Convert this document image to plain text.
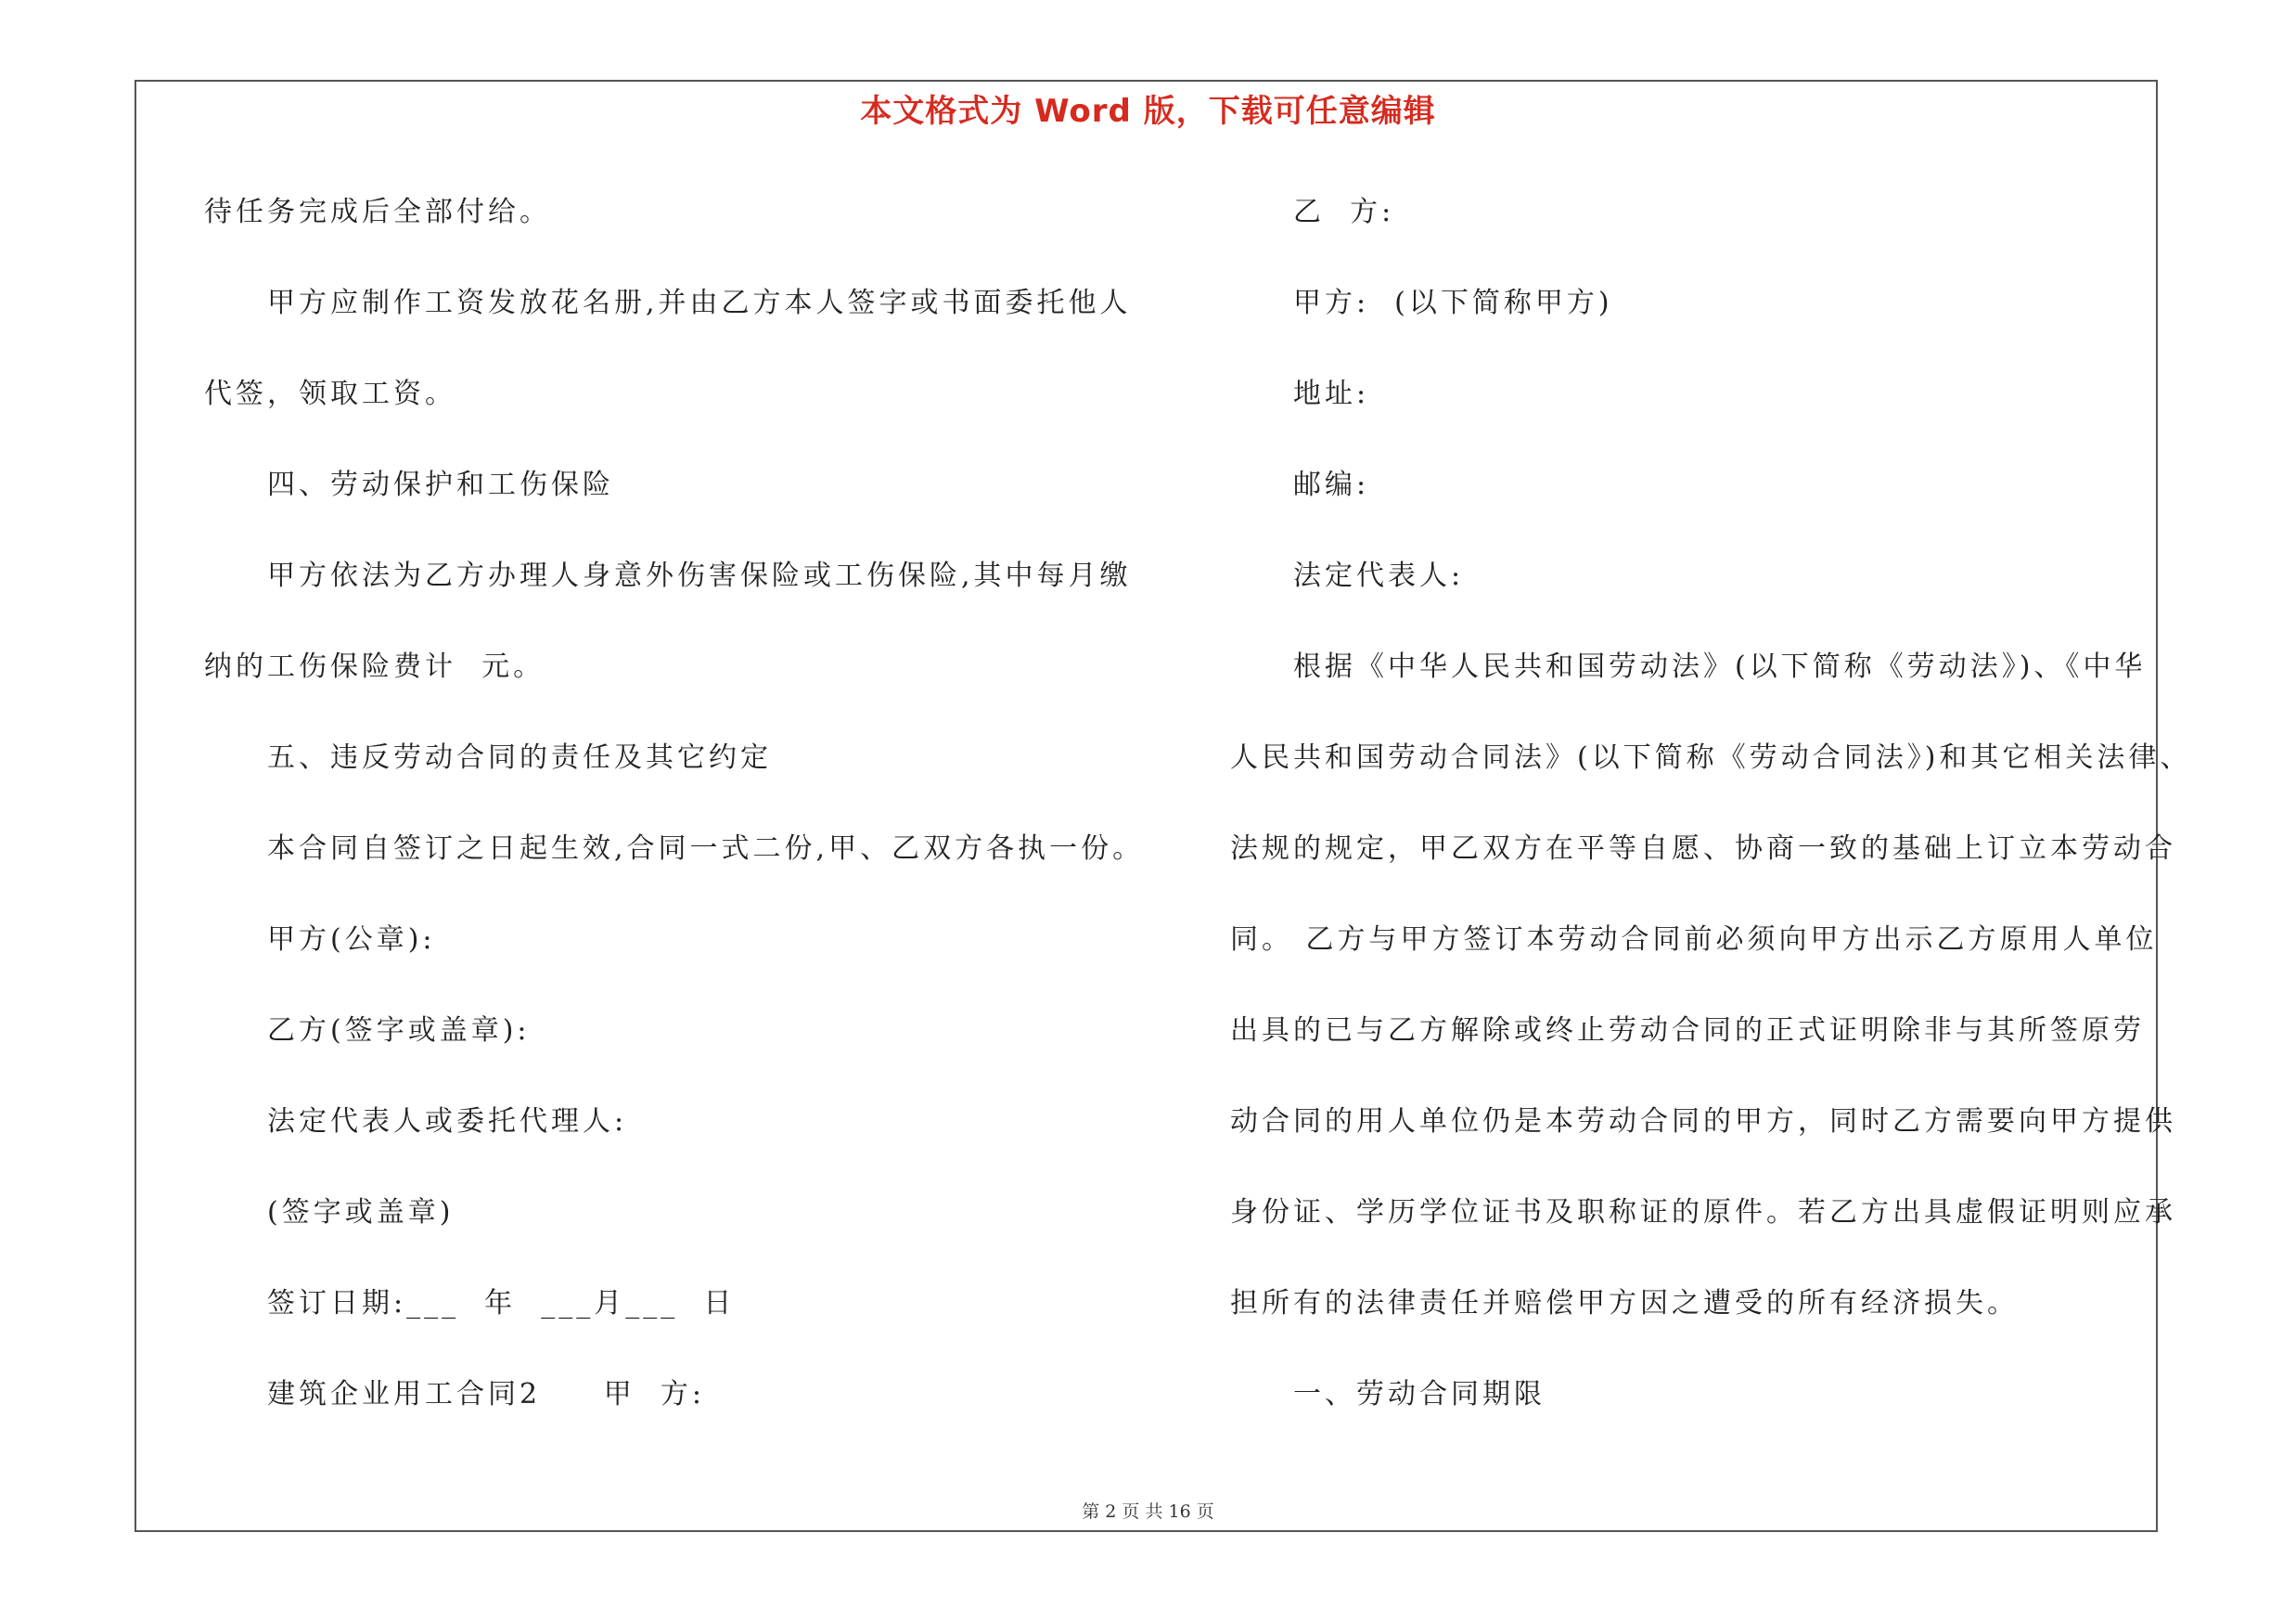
本文格式为 Word 版，下载可任意编辑
待任务完成后全部付给。
甲方应制作工资发放花名册,并由乙方本人签字或书面委托他人
代签，领取工资。
四、劳动保护和工伤保险
甲方依法为乙方办理人身意外伤害保险或工伤保险,其中每月缴
纳的工伤保险费计  元。
五、违反劳动合同的责任及其它约定
本合同自签订之日起生效,合同一式二份,甲、乙双方各执一份。
甲方(公章):
乙方(签字或盖章):
法定代表人或委托代理人:
(签字或盖章)
签订日期:___  年  ___月___  日
建筑企业用工合同2     甲  方:
乙  方:
甲方:  (以下简称甲方)
地址:
邮编:
法定代表人:
根据《中华人民共和国劳动法》(以下简称《劳动法》)、《中华
人民共和国劳动合同法》(以下简称《劳动合同法》)和其它相关法律、
法规的规定，甲乙双方在平等自愿、协商一致的基础上订立本劳动合
同。 乙方与甲方签订本劳动合同前必须向甲方出示乙方原用人单位
出具的已与乙方解除或终止劳动合同的正式证明除非与其所签原劳
动合同的用人单位仍是本劳动合同的甲方，同时乙方需要向甲方提供
身份证、学历学位证书及职称证的原件。若乙方出具虚假证明则应承
担所有的法律责任并赔偿甲方因之遭受的所有经济损失。
一、劳动合同期限
第 2 页 共 16 页
